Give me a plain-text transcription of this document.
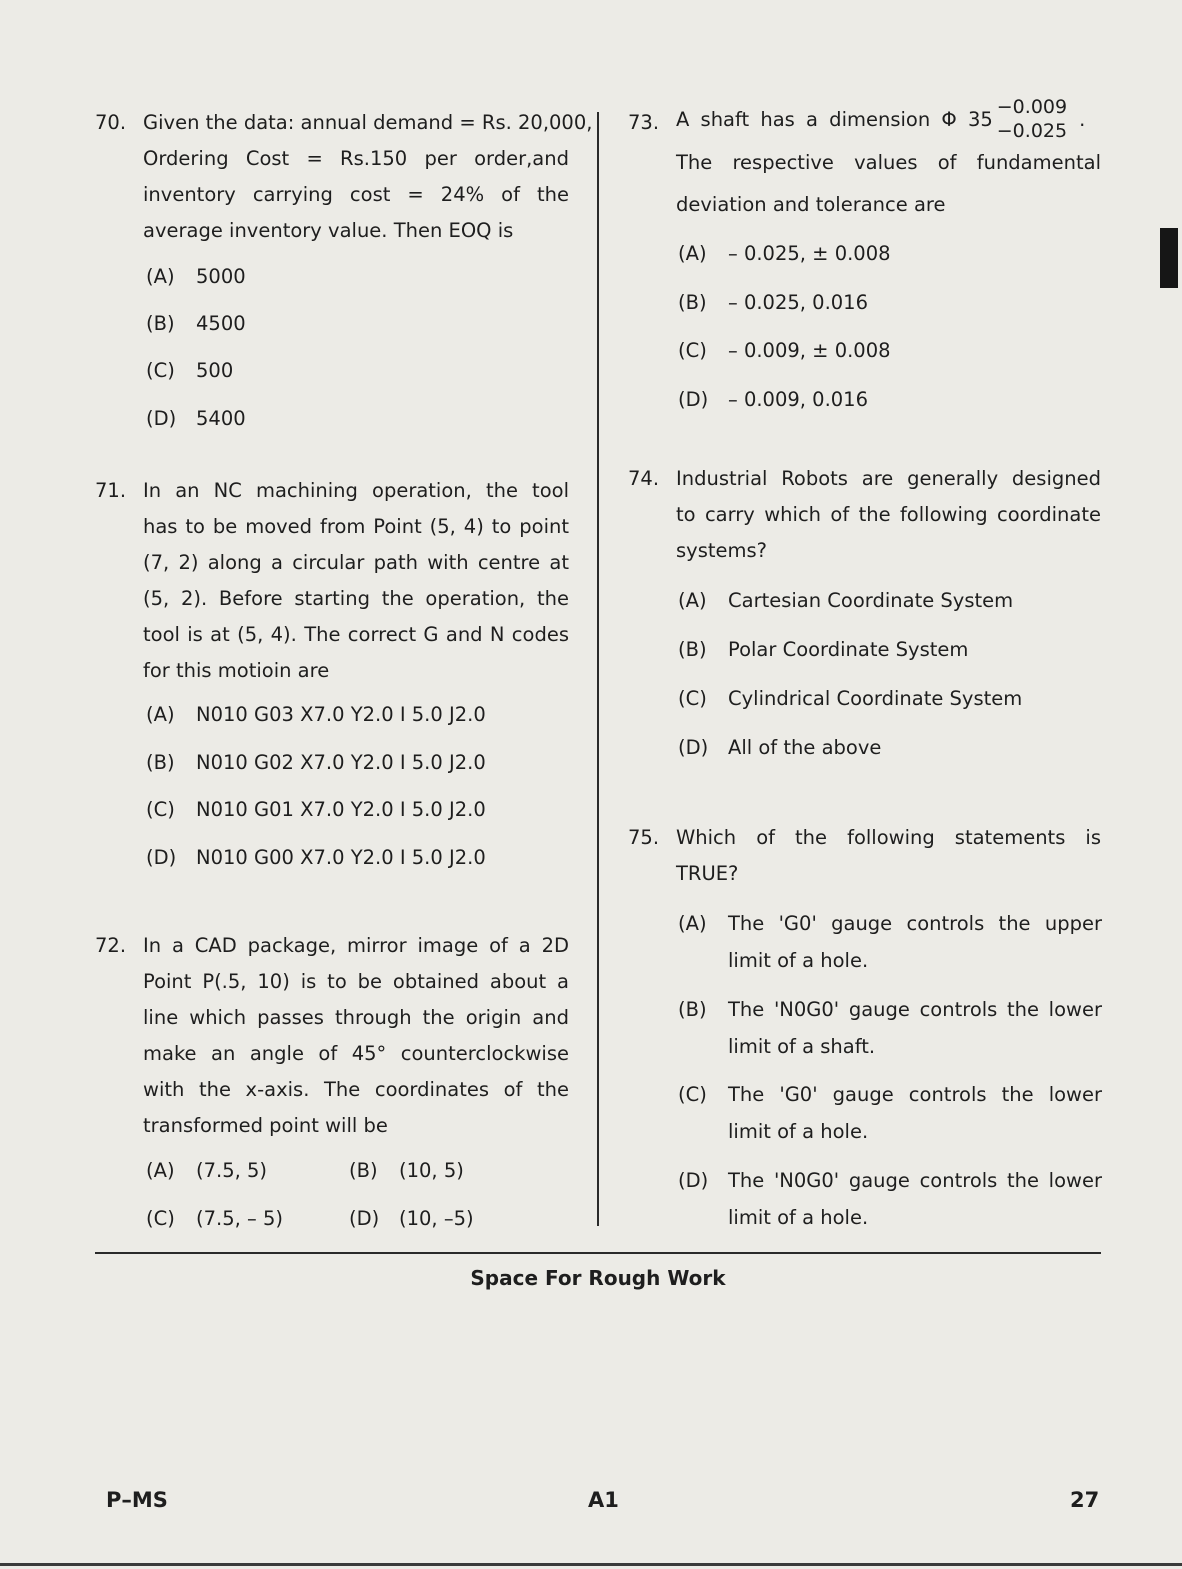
70. Given the data: annual demand = Rs. 20,000,
Ordering Cost = Rs.150 per order,and
inventory carrying cost = 24% of the
average inventory value. Then EOQ is
(A) 5000
(B) 4500
(C) 500
(D) 5400
71. In an NC machining operation, the tool
has to be moved from Point (5, 4) to point
(7, 2) along a circular path with centre at
(5, 2). Before starting the operation, the
tool is at (5, 4). The correct G and N codes
for this motioin are
(A) N010 G03 X7.0 Y2.0 I 5.0 J2.0
(B) N010 G02 X7.0 Y2.0 I 5.0 J2.0
(C) N010 G01 X7.0 Y2.0 I 5.0 J2.0
(D) N010 G00 X7.0 Y2.0 I 5.0 J2.0
72. In a CAD package, mirror image of a 2D
Point P(.5, 10) is to be obtained about a
line which passes through the origin and
make an angle of 45° counterclockwise
with the x-axis. The coordinates of the
transformed point will be
(A) (7.5, 5)	(B) (10, 5)
(C) (7.5, – 5)	(D) (10, –5)
73. A shaft has a dimension Φ 35
−0.009
−0.025
.
The respective values of fundamental
deviation and tolerance are
(A) – 0.025, ± 0.008
(B) – 0.025, 0.016
(C) – 0.009, ± 0.008
(D) – 0.009, 0.016
74. Industrial Robots are generally designed
to carry which of the following coordinate
systems?
(A) Cartesian Coordinate System
(B) Polar Coordinate System
(C) Cylindrical Coordinate System
(D) All of the above
75. Which of the following statements is
TRUE?
(A) The 'G0' gauge controls the upper
limit of a hole.
(B) The 'N0G0' gauge controls the lower
limit of a shaft.
(C) The 'G0' gauge controls the lower
limit of a hole.
(D) The 'N0G0' gauge controls the lower
limit of a hole.
Space For Rough Work
P–MS	A1	27
